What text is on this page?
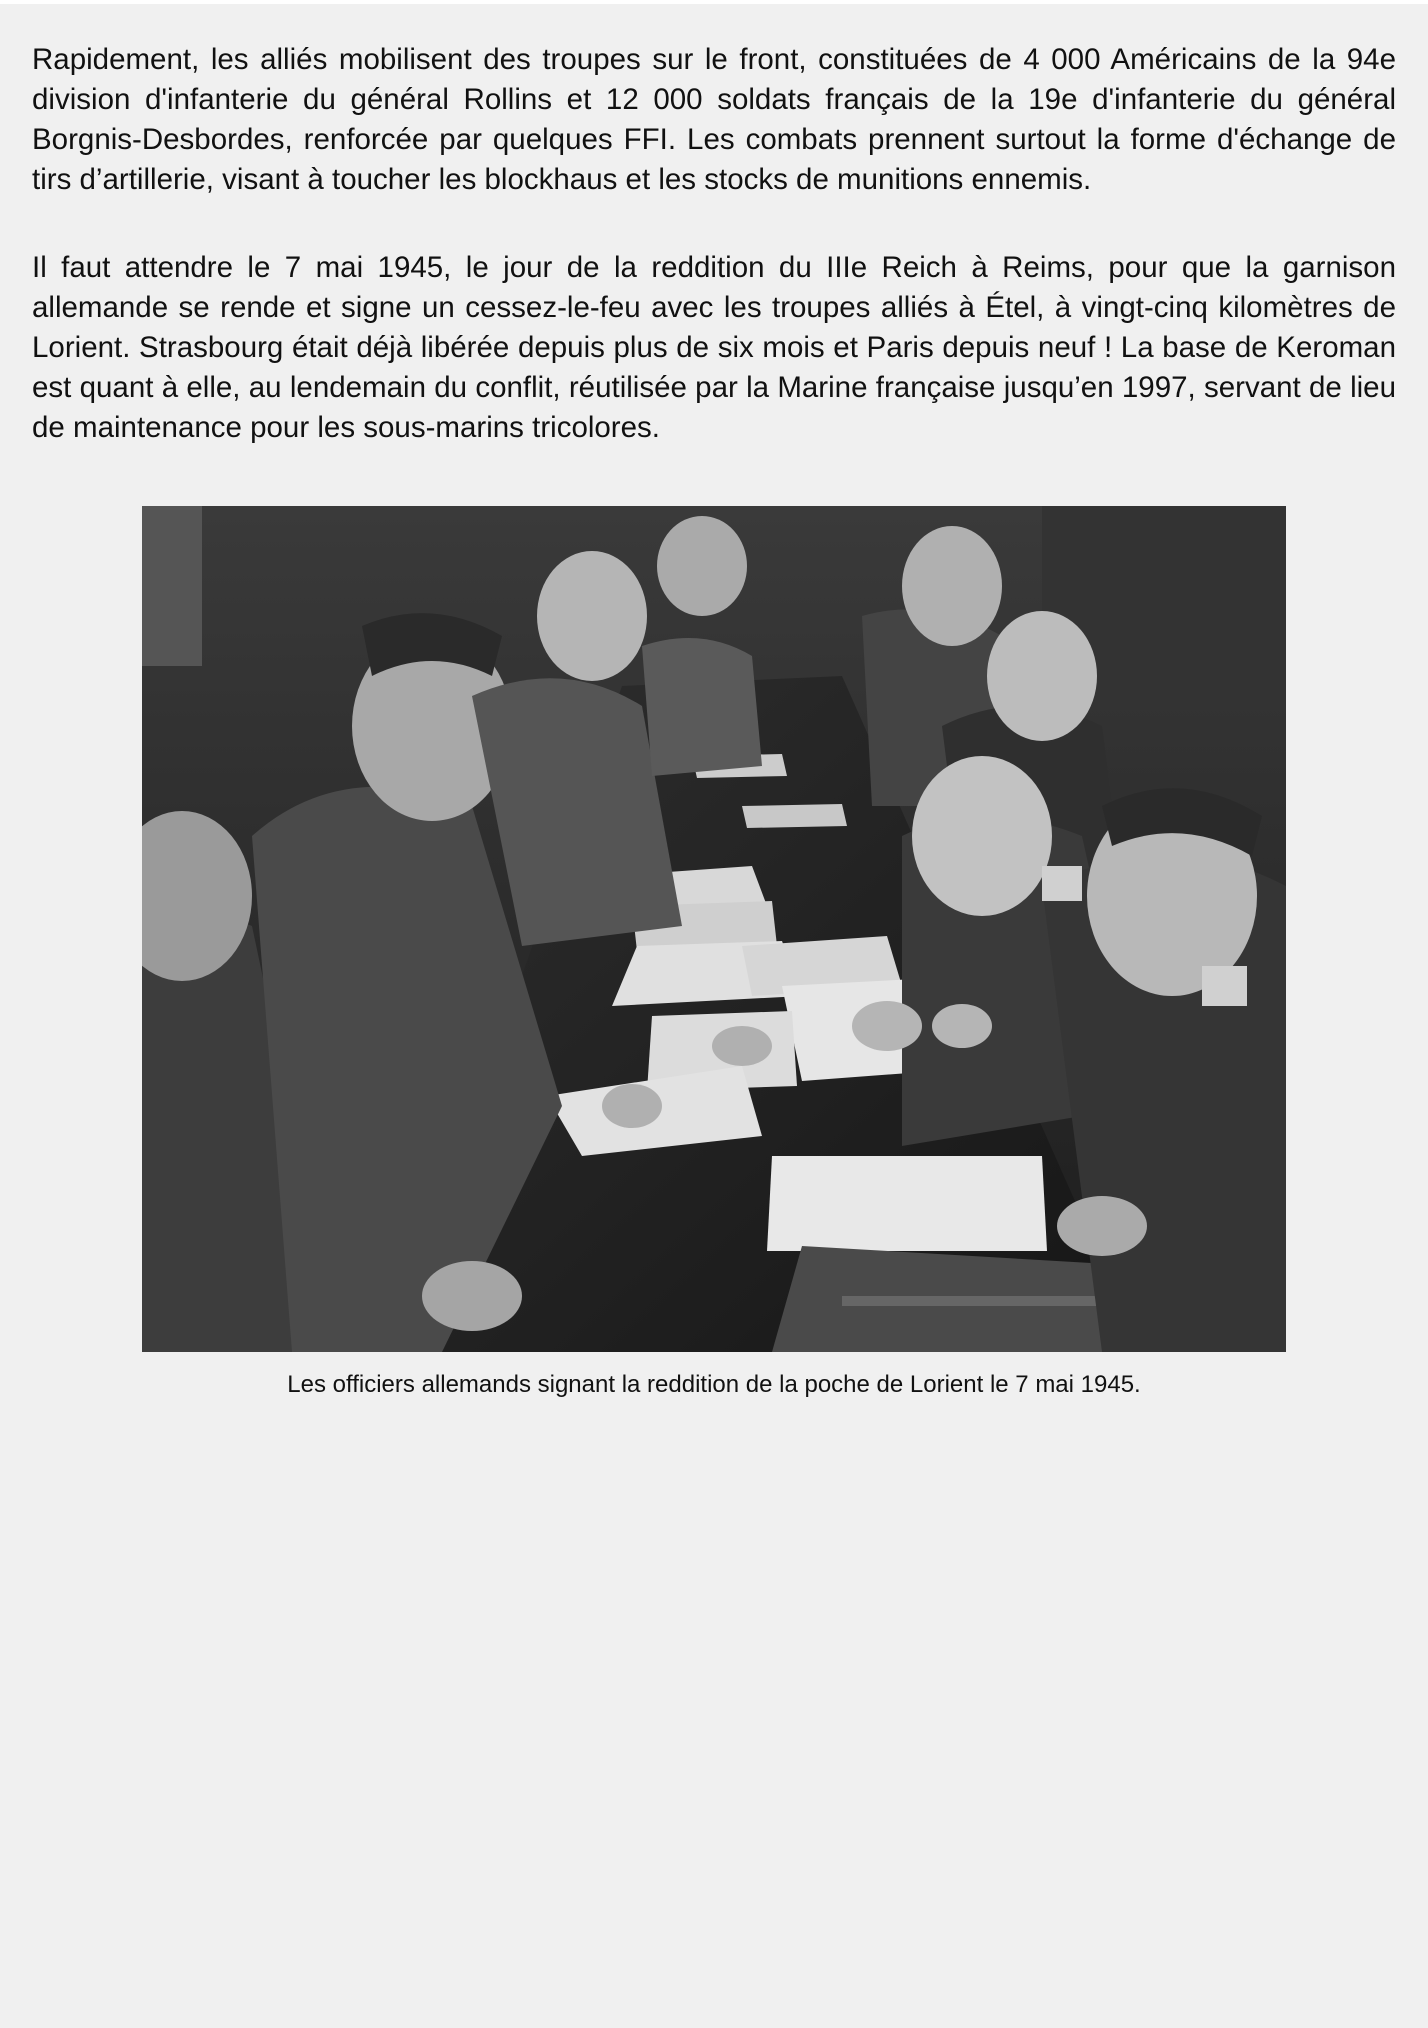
Rapidement, les alliés mobilisent des troupes sur le front, constituées de 4 000 Américains de la 94e division d'infanterie du général Rollins et 12 000 soldats français de la 19e d'infanterie du général Borgnis-Desbordes, renforcée par quelques FFI. Les combats prennent surtout la forme d'échange de tirs d’artillerie, visant à toucher les blockhaus et les stocks de munitions ennemis.

Il faut attendre le 7 mai 1945, le jour de la reddition du IIIe Reich à Reims, pour que la garnison allemande se rende et signe un cessez-le-feu avec les troupes alliés à Étel, à vingt-cinq kilomètres de Lorient. Strasbourg était déjà libérée depuis plus de six mois et Paris depuis neuf ! La base de Keroman est quant à elle, au lendemain du conflit, réutilisée par la Marine française jusqu’en 1997, servant de lieu de maintenance pour les sous-marins tricolores.

Les officiers allemands signant la reddition de la poche de Lorient le 7 mai 1945.
